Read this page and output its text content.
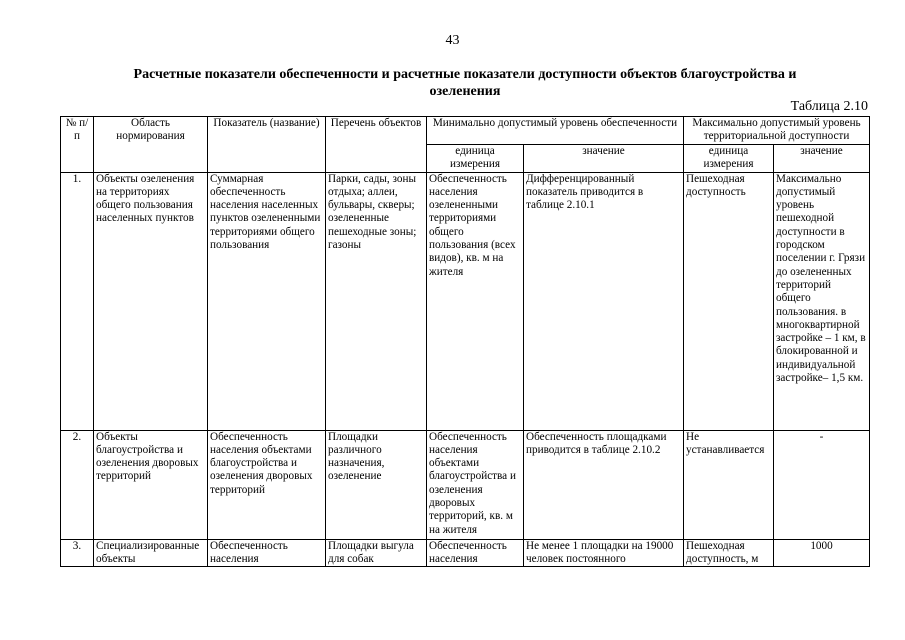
43
Расчетные показатели обеспеченности и расчетные показатели доступности объектов благоустройства и озеленения
Таблица 2.10
№ п/п	Область нормирования	Показатель (название)	Перечень объектов	Минимально допустимый уровень обеспеченности		Максимально допустимый уровень территориальной доступности	
				единица измерения	значение	единица измерения	значение
1.	Объекты озеленения на территориях общего пользования населенных пунктов	Суммарная обеспеченность населения населенных пунктов озелененными территориями общего пользования	Парки, сады, зоны отдыха; аллеи, бульвары, скверы; озелененные пешеходные зоны; газоны	Обеспеченность населения озелененными территориями общего пользования (всех видов), кв. м на жителя	Дифференцированный показатель приводится в таблице 2.10.1	Пешеходная доступность	Максимально допустимый уровень пешеходной доступности в городском поселении г. Грязи до озелененных территорий общего пользования. в многоквартирной застройке – 1 км, в блокированной и индивидуальной застройке– 1,5 км.
2.	Объекты благоустройства и озеленения дворовых территорий	Обеспеченность населения объектами благоустройства и озеленения дворовых территорий	Площадки различного назначения, озеленение	Обеспеченность населения объектами благоустройства и озеленения дворовых территорий, кв. м на жителя	Обеспеченность площадками приводится в таблице 2.10.2	Не устанавливается	-
3.	Специализированные объекты	Обеспеченность населения	Площадки выгула для собак	Обеспеченность населения	Не менее 1 площадки на 19000 человек постоянного	Пешеходная доступность, м	1000
